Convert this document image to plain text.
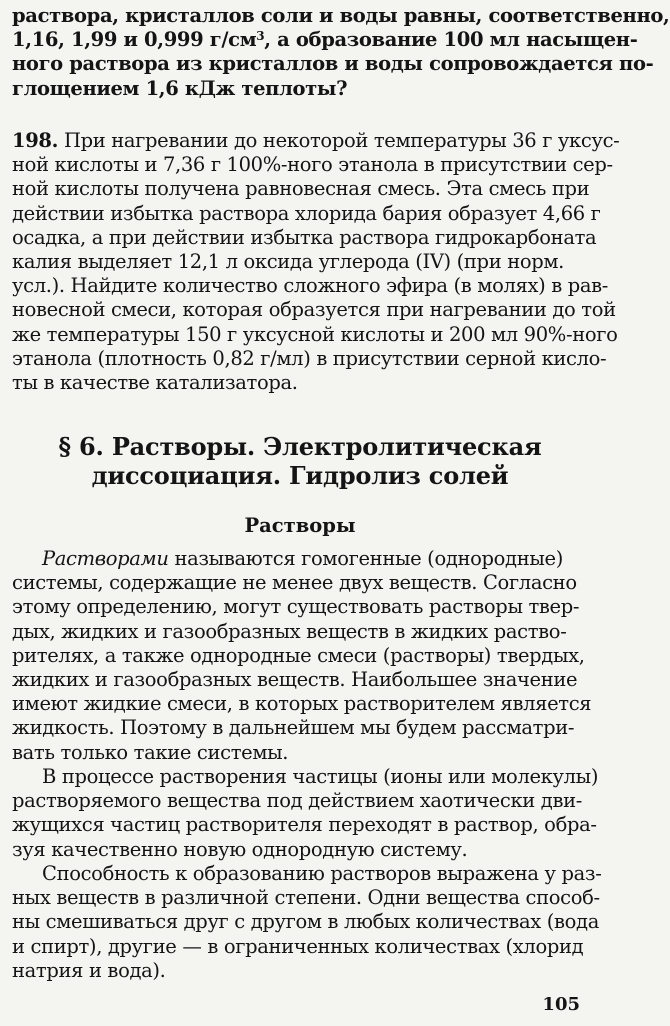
раствора, кристаллов соли и воды равны, соответственно,
1,16, 1,99 и 0,999 $г/см^3$, а образование 100 мл насыщен-
ного раствора из кристаллов и воды сопровождается по-
глощением 1,6 кДж теплоты?
198. При нагревании до некоторой температуры 36 г уксус-
ной кислоты и 7,36 г 100%-ного этанола в присутствии сер-
ной кислоты получена равновесная смесь. Эта смесь при
действии избытка раствора хлорида бария образует 4,66 г
осадка, а при действии избытка раствора гидрокарбоната
калия выделяет 12,1 л оксида углерода (IV) (при норм.
усл.). Найдите количество сложного эфира (в молях) в рав-
новесной смеси, которая образуется при нагревании до той
же температуры 150 г уксусной кислоты и 200 мл 90%-ного
этанола (плотность 0,82 г/мл) в присутствии серной кисло-
ты в качестве катализатора.
§ 6. Растворы. Электролитическая
диссоциация. Гидролиз солей
Растворы
Растворами называются гомогенные (однородные)
системы, содержащие не менее двух веществ. Согласно
этому определению, могут существовать растворы твер-
дых, жидких и газообразных веществ в жидких раство-
рителях, а также однородные смеси (растворы) твердых,
жидких и газообразных веществ. Наибольшее значение
имеют жидкие смеси, в которых растворителем является
жидкость. Поэтому в дальнейшем мы будем рассматри-
вать только такие системы.
В процессе растворения частицы (ионы или молекулы)
растворяемого вещества под действием хаотически дви-
жущихся частиц растворителя переходят в раствор, обра-
зуя качественно новую однородную систему.
Способность к образованию растворов выражена у раз-
ных веществ в различной степени. Одни вещества способ-
ны смешиваться друг с другом в любых количествах (вода
и спирт), другие — в ограниченных количествах (хлорид
натрия и вода).
105
